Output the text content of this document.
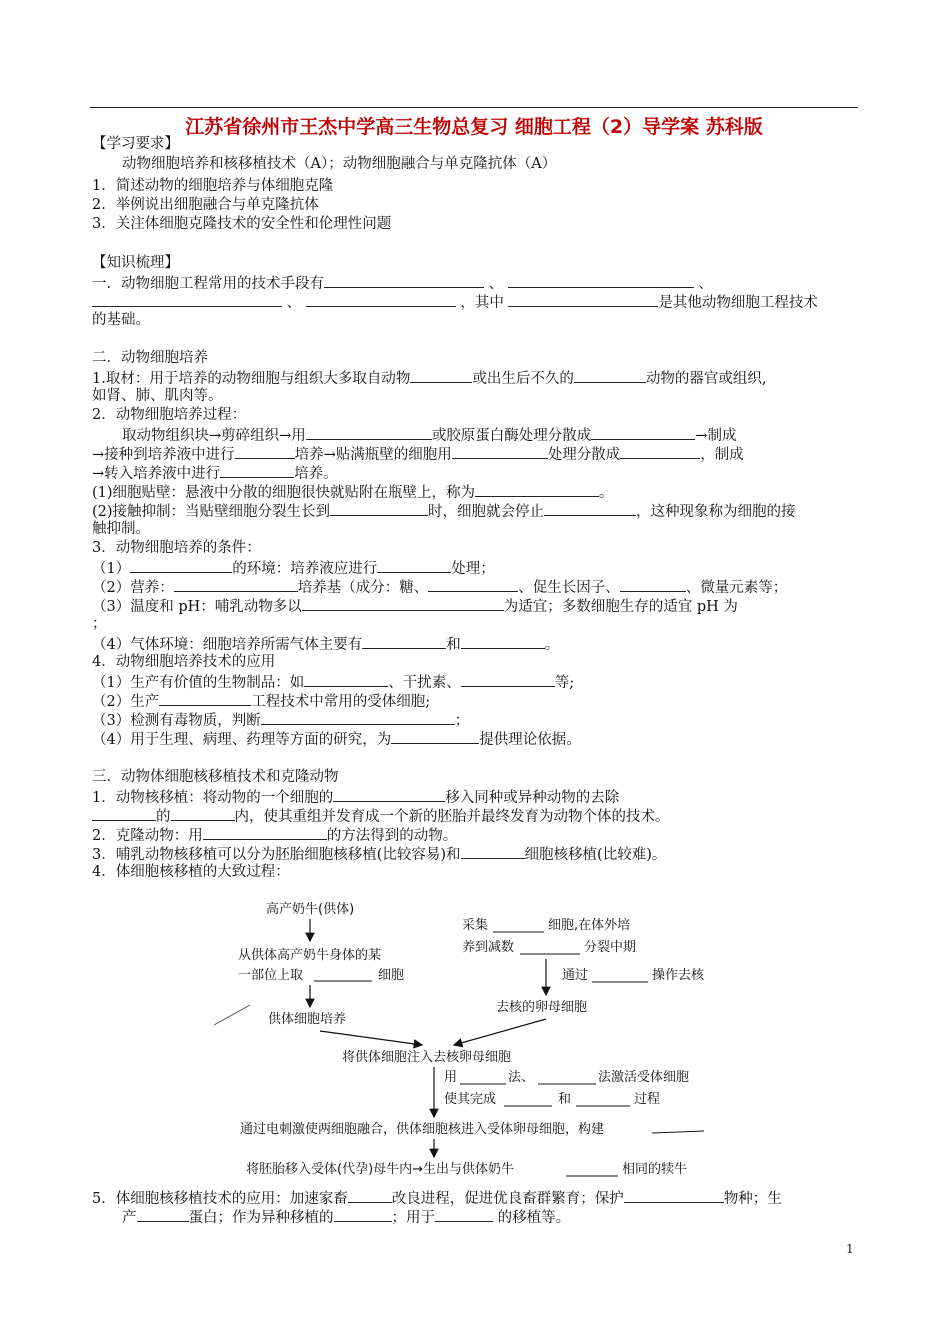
江苏省徐州市王杰中学高三生物总复习 细胞工程（2）导学案 苏科版
【学习要求】
动物细胞培养和核移植技术（A）；动物细胞融合与单克隆抗体（A）
1．简述动物的细胞培养与体细胞克隆
2．举例说出细胞融合与单克隆抗体
3．关注体细胞克隆技术的安全性和伦理性问题
【知识梳理】
一．动物细胞工程常用的技术手段有	、	、
、	，其中	是其他动物细胞工程技术
的基础。
二．动物细胞培养
1.取材：用于培养的动物细胞与组织大多取自动物	或出生后不久的	动物的器官或组织,
如肾、肺、肌肉等。
2．动物细胞培养过程：
取动物组织块→剪碎组织→用	或胶原蛋白酶处理分散成	→制成
→接种到培养液中进行	培养→贴满瓶壁的细胞用	处理分散成	，制成
→转入培养液中进行	培养。
(1)细胞贴壁：悬液中分散的细胞很快就贴附在瓶壁上，称为	。
(2)接触抑制：当贴壁细胞分裂生长到	时，细胞就会停止	，这种现象称为细胞的接
触抑制。
3．动物细胞培养的条件：
（1）	的环境：培养液应进行	处理；
（2）营养：	培养基（成分：糖、	、促生长因子、	、微量元素等；
（3）温度和 pH：哺乳动物多以	为适宜；多数细胞生存的适宜 pH 为
；
（4）气体环境：细胞培养所需气体主要有	和	。
4．动物细胞培养技术的应用
（1）生产有价值的生物制品：如	、干扰素、	等;
（2）生产	工程技术中常用的受体细胞;
（3）检测有毒物质，判断	；
（4）用于生理、病理、药理等方面的研究，为	提供理论依据。
三．动物体细胞核移植技术和克隆动物
1．动物核移植：将动物的一个细胞的	移入同种或异种动物的去除
的	内，使其重组并发育成一个新的胚胎并最终发育为动物个体的技术。
2．克隆动物：用	的方法得到的动物。
3．哺乳动物核移植可以分为胚胎细胞核移植(比较容易)和	细胞核移植(比较难)。
4．体细胞核移植的大致过程：
高产奶牛(供体)
从供体高产奶牛身体的某
一部位上取	细胞
供体细胞培养
采集	细胞,在体外培
养到减数	分裂中期
通过	操作去核
去核的卵母细胞
将供体细胞注入去核卵母细胞
用	法、	法激活受体细胞
使其完成	和	过程
通过电刺激使两细胞融合，供体细胞核进入受体卵母细胞，构建
将胚胎移入受体(代孕)母牛内→生出与供体奶牛	相同的犊牛
5．体细胞核移植技术的应用：加速家畜	改良进程，促进优良畜群繁育；保护	物种；生
产	蛋白；作为异种移植的	；用于	的移植等。
1
